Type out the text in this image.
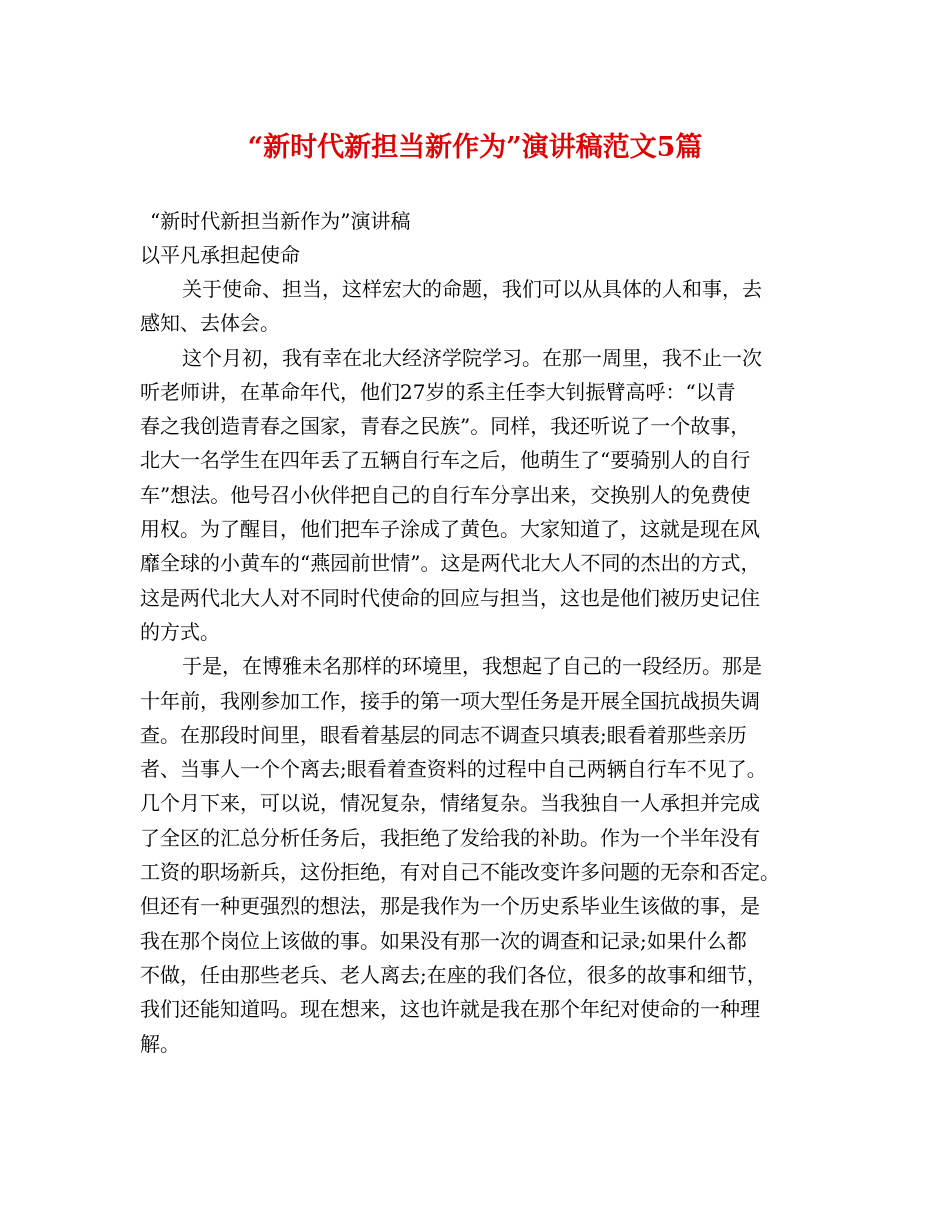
“新时代新担当新作为”演讲稿范文5篇
“新时代新担当新作为”演讲稿
以平凡承担起使命

关于使命、担当，这样宏大的命题，我们可以从具体的人和事，去
感知、去体会。

这个月初，我有幸在北大经济学院学习。在那一周里，我不止一次
听老师讲，在革命年代，他们27岁的系主任李大钊振臂高呼：“以青
春之我创造青春之国家，青春之民族”。同样，我还听说了一个故事，
北大一名学生在四年丢了五辆自行车之后，他萌生了“要骑别人的自行
车”想法。他号召小伙伴把自己的自行车分享出来，交换别人的免费使
用权。为了醒目，他们把车子涂成了黄色。大家知道了，这就是现在风
靡全球的小黄车的“燕园前世情”。这是两代北大人不同的杰出的方式，
这是两代北大人对不同时代使命的回应与担当，这也是他们被历史记住
的方式。

于是，在博雅未名那样的环境里，我想起了自己的一段经历。那是
十年前，我刚参加工作，接手的第一项大型任务是开展全国抗战损失调
查。在那段时间里，眼看着基层的同志不调查只填表;眼看着那些亲历
者、当事人一个个离去;眼看着查资料的过程中自己两辆自行车不见了。
几个月下来，可以说，情况复杂，情绪复杂。当我独自一人承担并完成
了全区的汇总分析任务后，我拒绝了发给我的补助。作为一个半年没有
工资的职场新兵，这份拒绝，有对自己不能改变许多问题的无奈和否定。
但还有一种更强烈的想法，那是我作为一个历史系毕业生该做的事，是
我在那个岗位上该做的事。如果没有那一次的调查和记录;如果什么都
不做，任由那些老兵、老人离去;在座的我们各位，很多的故事和细节，
我们还能知道吗。现在想来，这也许就是我在那个年纪对使命的一种理
解。
